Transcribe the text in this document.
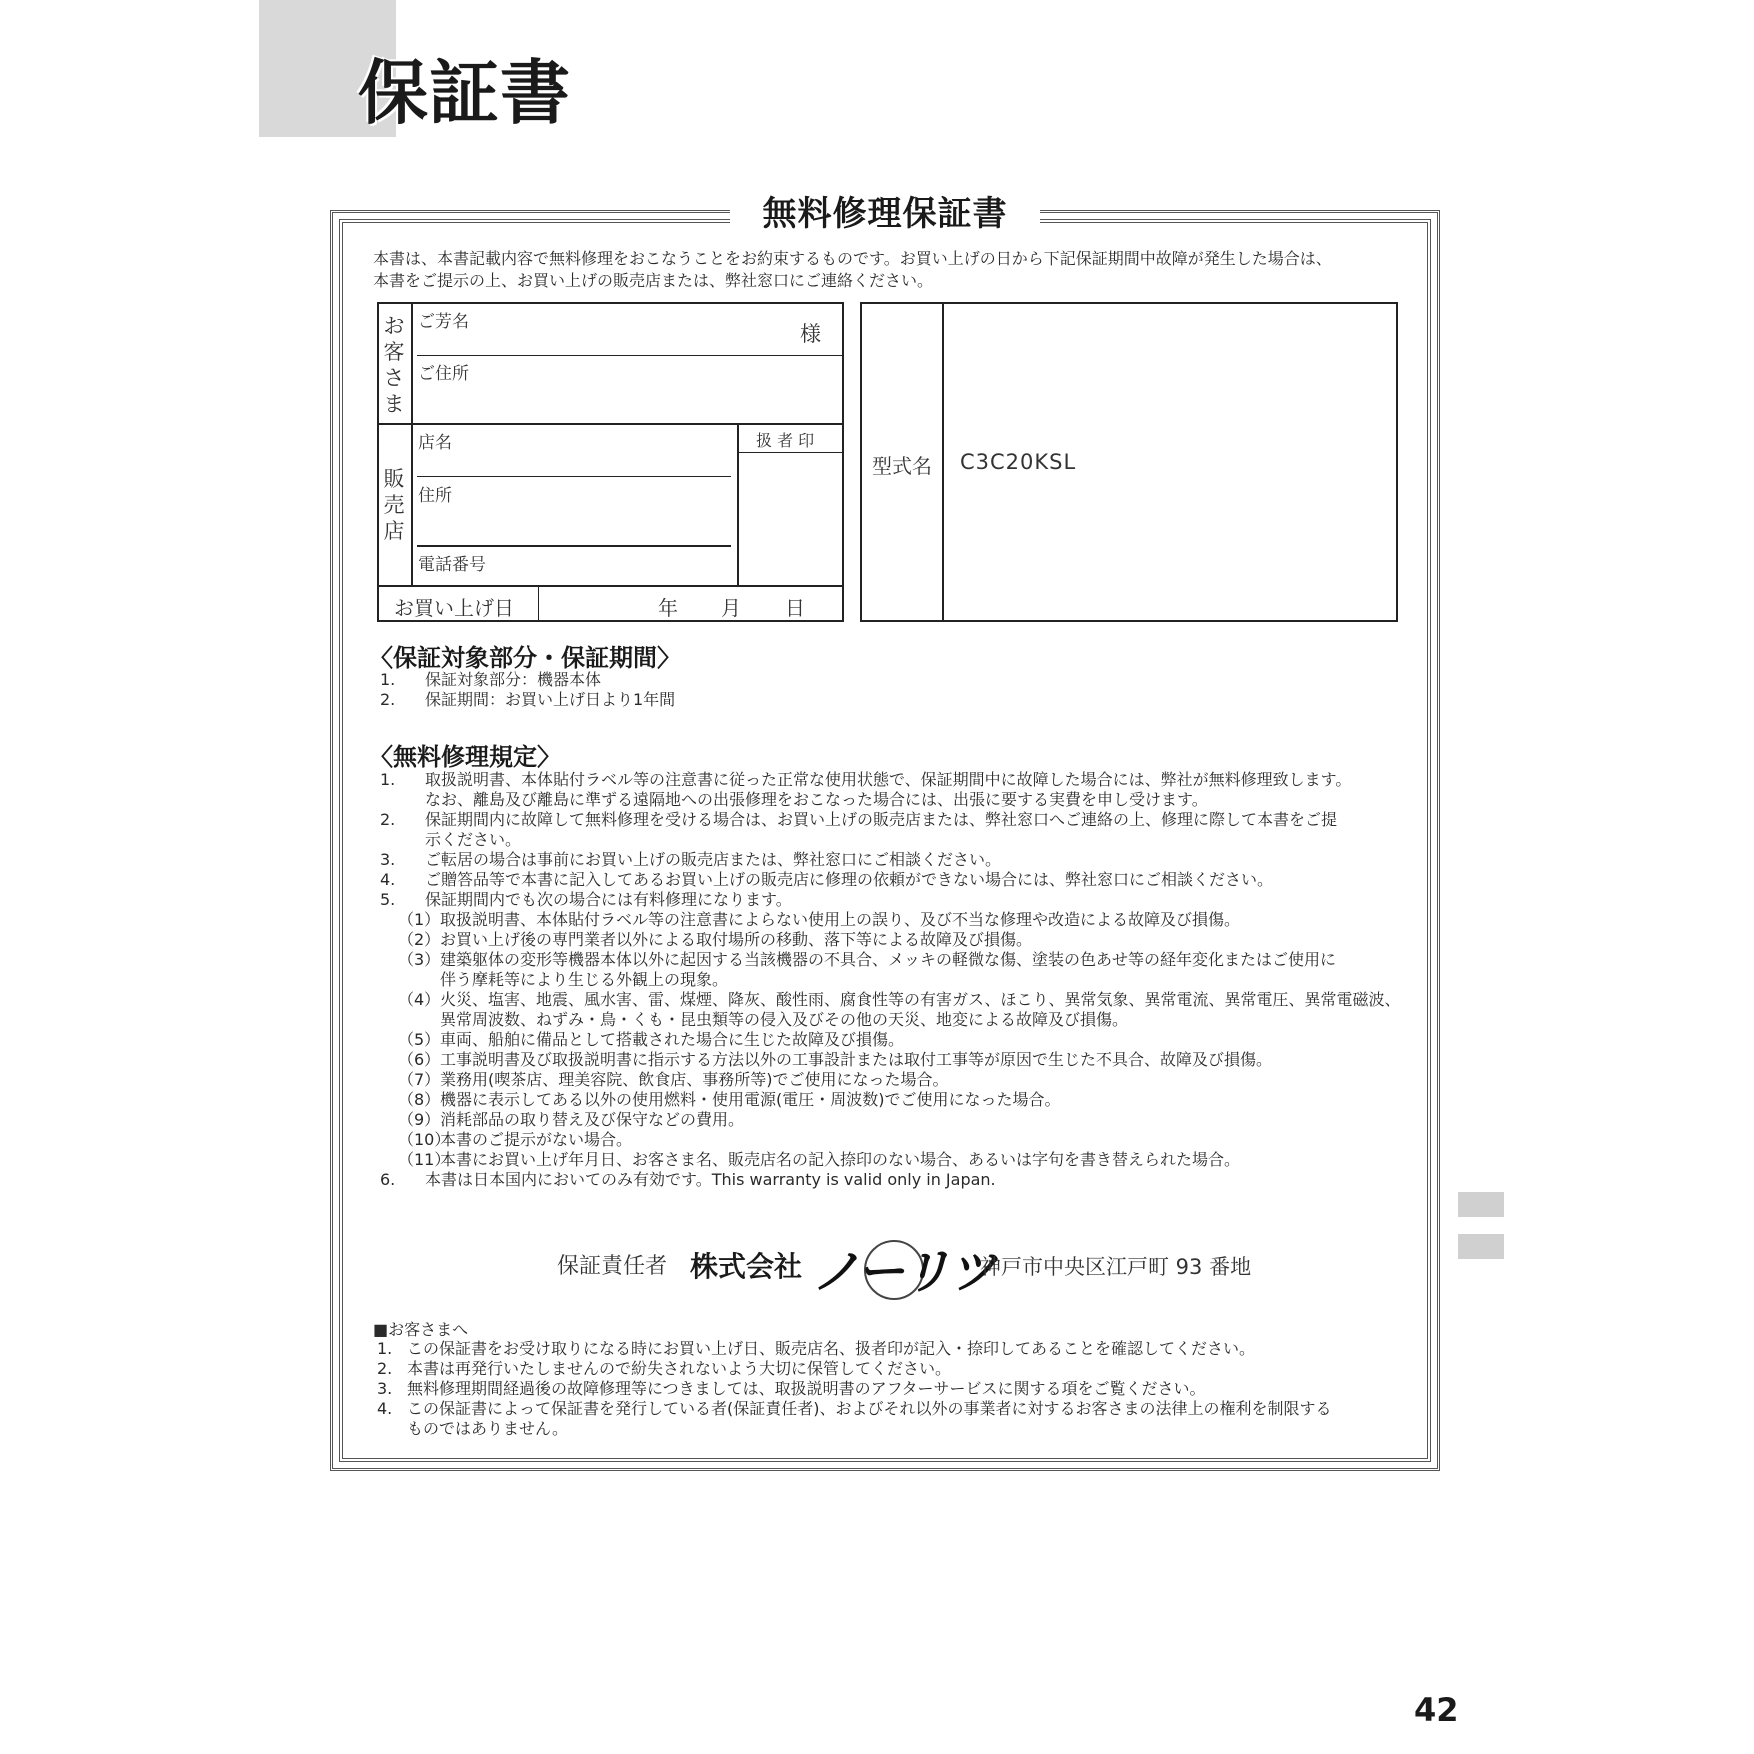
保証書
無料修理保証書
本書は、本書記載内容で無料修理をおこなうことをお約束するものです。お買い上げの日から下記保証期間中故障が発生した場合は、
本書をご提示の上、お買い上げの販売店または、弊社窓口にご連絡ください。
お
客
さ
ま
ご芳名	様
ご住所
販
売
店
店名
住所
電話番号
扱 者 印
お買い上げ日	年 月 日
型式名 C3C20KSL
〈保証対象部分・保証期間〉
1. 保証対象部分：機器本体
2. 保証期間：お買い上げ日より1年間
〈無料修理規定〉
1. 取扱説明書、本体貼付ラベル等の注意書に従った正常な使用状態で、保証期間中に故障した場合には、弊社が無料修理致します。
なお、離島及び離島に準ずる遠隔地への出張修理をおこなった場合には、出張に要する実費を申し受けます。
2. 保証期間内に故障して無料修理を受ける場合は、お買い上げの販売店または、弊社窓口へご連絡の上、修理に際して本書をご提
示ください。
3. ご転居の場合は事前にお買い上げの販売店または、弊社窓口にご相談ください。
4. ご贈答品等で本書に記入してあるお買い上げの販売店に修理の依頼ができない場合には、弊社窓口にご相談ください。
5. 保証期間内でも次の場合には有料修理になります。
（1） 取扱説明書、本体貼付ラベル等の注意書によらない使用上の誤り、及び不当な修理や改造による故障及び損傷。
（2） お買い上げ後の専門業者以外による取付場所の移動、落下等による故障及び損傷。
（3） 建築躯体の変形等機器本体以外に起因する当該機器の不具合、メッキの軽微な傷、塗装の色あせ等の経年変化またはご使用に
伴う摩耗等により生じる外観上の現象。
（4） 火災、塩害、地震、風水害、雷、煤煙、降灰、酸性雨、腐食性等の有害ガス、ほこり、異常気象、異常電流、異常電圧、異常電磁波、
異常周波数、ねずみ・鳥・くも・昆虫類等の侵入及びその他の天災、地変による故障及び損傷。
（5） 車両、船舶に備品として搭載された場合に生じた故障及び損傷。
（6） 工事説明書及び取扱説明書に指示する方法以外の工事設計または取付工事等が原因で生じた不具合、故障及び損傷。
（7） 業務用(喫茶店、理美容院、飲食店、事務所等)でご使用になった場合。
（8） 機器に表示してある以外の使用燃料・使用電源(電圧・周波数)でご使用になった場合。
（9） 消耗部品の取り替え及び保守などの費用。
（10）
本書のご提示がない場合。
（11）
本書にお買い上げ年月日、お客さま名、販売店名の記入捺印のない場合、あるいは字句を書き替えられた場合。
6. 本書は日本国内においてのみ有効です。This warranty is valid only in Japan.
保証責任者 株式会社 ノーリツ
神戸市中央区江戸町 93 番地
■お客さまへ
1. この保証書をお受け取りになる時にお買い上げ日、販売店名、扱者印が記入・捺印してあることを確認してください。
2. 本書は再発行いたしませんので紛失されないよう大切に保管してください。
3. 無料修理期間経過後の故障修理等につきましては、取扱説明書のアフターサービスに関する項をご覧ください。
4. この保証書によって保証書を発行している者(保証責任者)、およびそれ以外の事業者に対するお客さまの法律上の権利を制限する
ものではありません。
42
